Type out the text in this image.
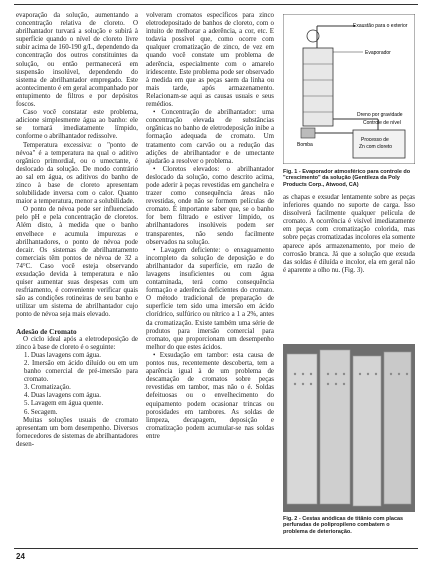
evaporação da solução, aumentando a concentração relativa de cloreto. O abrilhantador turvará a solução e subirá à superfície quando o nível de cloreto livre subir acima de 160-190 g/L, dependendo da concentração dos outros constituintes da solução, ou então permanecerá em suspensão insolúvel, dependendo do sistema de abrilhantador empregado. Este acontecimento é em geral acompanhado por entupimento de filtros e por depósitos foscos.

Caso você constatar este problema, adicione simplesmente água ao banho: ele se tornará imediatamente límpido, conforme o abrilhantador redissolve.

Temperatura excessiva: o "ponto de névoa" é a temperatura na qual o aditivo orgânico primordial, ou o umectante, é deslocado da solução. De modo contrário ao sal em água, os aditivos do banho de zinco à base de cloreto apresentam solubilidade inversa com o calor. Quanto maior a temperatura, menor a solubilidade.

O ponto de névoa pode ser influenciado pelo pH e pela concentração de cloretos. Além disto, à medida que o banho envelhece e acumula impurezas e abrilhantadores, o ponto de névoa pode decair. Os sistemas de abrilhantamento comerciais têm pontos de névoa de 32 a 74°C. Caso você esteja observando exsudação devida à temperatura e não quiser aumentar suas despesas com um resfriamento, é conveniente verificar quais são as condições rotineiras de seu banho e utilizar um sistema de abrilhantador cujo ponto de névoa seja mais elevado.

Adesão de Cromato

O ciclo ideal após a eletrodeposição de zinco à base de cloreto é o seguinte:

1. Duas lavagens com água.

2. Imersão em ácido diluído ou em um banho comercial de pré-imersão para cromato.

3. Cromatização.

4. Duas lavagens com água.

5. Lavagem em água quente.

6. Secagem.

Muitas soluções usuais de cromato apresentam um bom desempenho. Diversos fornecedores de sistemas de abrilhantadores desen-

volveram cromatos específicos para zinco eletrodepositado de banhos de cloreto, com o intuito de melhorar a aderência, a cor, etc. E todavia possível que, como ocorre com qualquer cromatização de zinco, de vez em quando você constate um problema de aderência, especialmente com o amarelo iridescente. Este problema pode ser observado à medida em que as peças saem da linha ou mais tarde, após armazenamento. Relacionam-se aqui as causas usuais e seus remédios.

• Concentração de abrilhantador: uma concentração elevada de substâncias orgânicas no banho de eletrodeposição inibe a formação adequada de cromato. Um tratamento com carvão ou a redução das adições de abrilhantador e de umectante ajudarão a resolver o problema.

• Cloretos elevados: o abrilhantador deslocado da solução, como descrito acima, pode aderir à peças revestidas em ganchelra e trazer como consequência áreas não revestidas, onde não se formem películas de cromato. É importante saber que, se o banho for bem filtrado e estiver límpido, os abrilhantadores insolúveis podem ser transparentes, não sendo facilmente observados na solução.

• Lavagem deficiente: o enxaguamento incompleto da solução de deposição e do abrilhantador da superfície, em razão de lavagens insuficientes ou com água contaminada, terá como consequência formação e aderência deficientes do cromato. O método tradicional de preparação de superfície tem sido uma imersão em ácido clorídrico, sulfúrico ou nítrico a 1 a 2%, antes da cromatização. Existe também uma série de produtos para imersão comercial para cromato, que proporcionam um desempenho melhor do que estes ácidos.

• Exsudação em tambor: esta causa de pontos nus, recentemente descoberta, tem a aparência igual à de um problema de descamação de cromatos sobre peças revestidas em tambor, mas não o é. Soldas defeituosas ou o envelhecimento do equipamento podem ocasionar trincas ou porosidades em tambores. As soldas de limpeza, decapagem, deposição e cromatização podem acumular-se nas soldas entre

Exaustão para o exterior
Evaporador
Dreno por gravidade
Controle de nível
Bomba
Processo de
Zn com cloreto
Fig. 1 - Evaporador atmosférico para controle do "crescimento" da solução (Gentileza da Poly Products Corp., Atwood, CA)

as chapas e exsudar lentamente sobre as peças inferiores quando no suporte de carga. Isso dissolverá facilmente qualquer película de cromato. A ocorrência é visível imediatamente em peças com cromatização colorida, mas sobre peças cromatizadas incolores ela somente aparece após armazenamento, por meio de corrosão branca. Já que a solução que exsuda das soldas é diluída e incolor, ela em geral não é aparente a olho nu. (Fig. 3).

Fig. 2 - Cestas anódicas de titânio com placas perfuradas de polipropileno combatem o problema de deterioração.
24
